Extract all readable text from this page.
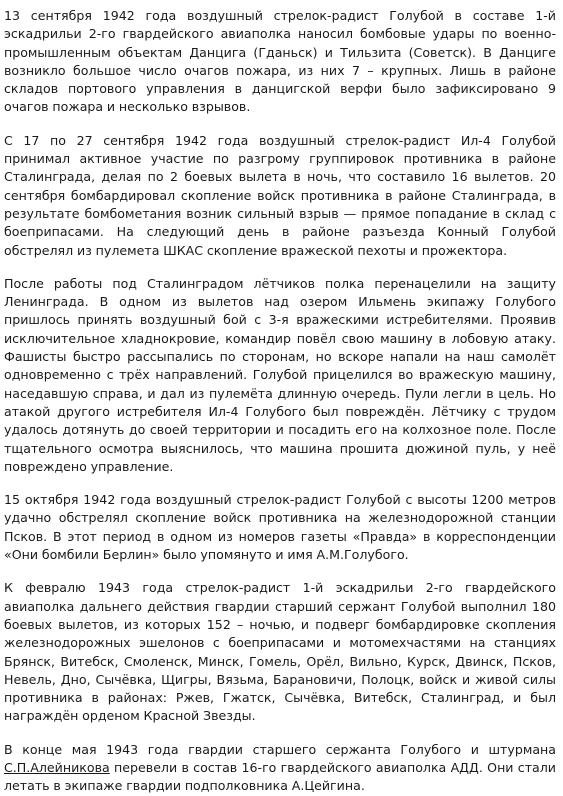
13 сентября 1942 года воздушный стрелок-радист Голубой в составе 1-й эскадрильи 2-го гвардейского авиаполка наносил бомбовые удары по военно-промышленным объектам Данцига (Гданьск) и Тильзита (Советск). В Данциге возникло большое число очагов пожара, из них 7 – крупных. Лишь в районе складов портового управления в данцигской верфи было зафиксировано 9 очагов пожара и несколько взрывов.

С 17 по 27 сентября 1942 года воздушный стрелок-радист Ил-4 Голубой принимал активное участие по разгрому группировок противника в районе Сталинграда, делая по 2 боевых вылета в ночь, что составило 16 вылетов. 20 сентября бомбардировал скопление войск противника в районе Сталинграда, в результате бомбометания возник сильный взрыв — прямое попадание в склад с боеприпасами. На следующий день в районе разъезда Конный Голубой обстрелял из пулемета ШКАС скопление вражеской пехоты и прожектора.

После работы под Сталинградом лётчиков полка перенацелили на защиту Ленинграда. В одном из вылетов над озером Ильмень экипажу Голубого пришлось принять воздушный бой с 3-я вражескими истребителями. Проявив исключительное хладнокровие, командир повёл свою машину в лобовую атаку. Фашисты быстро рассыпались по сторонам, но вскоре напали на наш самолёт одновременно с трёх направлений. Голубой прицелился во вражескую машину, наседавшую справа, и дал из пулемёта длинную очередь. Пули легли в цель. Но атакой другого истребителя Ил-4 Голубого был повреждён. Лётчику с трудом удалось дотянуть до своей территории и посадить его на колхозное поле. После тщательного осмотра выяснилось, что машина прошита дюжиной пуль, у неё повреждено управление.

15 октября 1942 года воздушный стрелок-радист Голубой с высоты 1200 метров удачно обстрелял скопление войск противника на железнодорожной станции Псков. В этот период в одном из номеров газеты «Правда» в корреспонденции «Они бомбили Берлин» было упомянуто и имя А.М.Голубого.

К февралю 1943 года стрелок-радист 1-й эскадрильи 2-го гвардейского авиаполка дальнего действия гвардии старший сержант Голубой выполнил 180 боевых вылетов, из которых 152 – ночью, и подверг бомбардировке скопления железнодорожных эшелонов с боеприпасами и мотомехчастями на станциях Брянск, Витебск, Смоленск, Минск, Гомель, Орёл, Вильно, Курск, Двинск, Псков, Невель, Дно, Сычёвка, Щигры, Вязьма, Барановичи, Полоцк, войск и живой силы противника в районах: Ржев, Гжатск, Сычёвка, Витебск, Сталинград, и был награждён орденом Красной Звезды.

В конце мая 1943 года гвардии старшего сержанта Голубого и штурмана С.П.Алейникова перевели в состав 16-го гвардейского авиаполка АДД. Они стали летать в экипаже гвардии подполковника А.Цейгина.
